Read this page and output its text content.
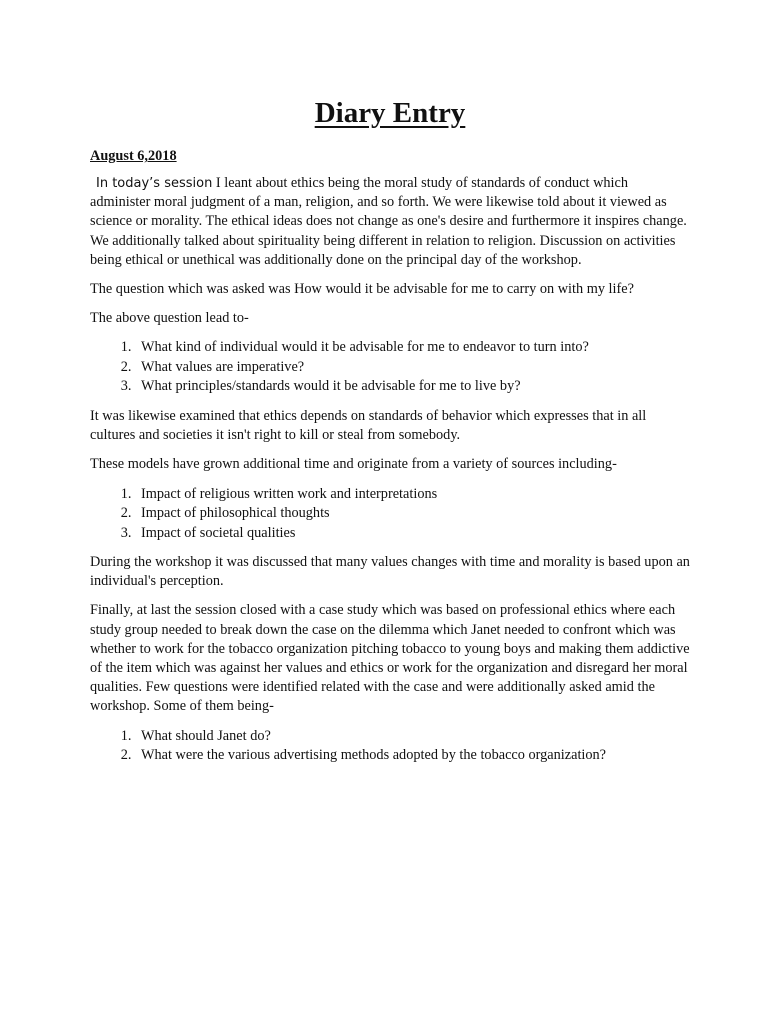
Diary Entry
August 6,2018

In today’s session I leant about ethics being the moral study of standards of conduct which administer moral judgment of a man, religion, and so forth. We were likewise told about it viewed as science or morality. The ethical ideas does not change as one's desire and furthermore it inspires change. We additionally talked about spirituality being different in relation to religion. Discussion on activities being ethical or unethical was additionally done on the principal day of the workshop.

The question which was asked was How would it be advisable for me to carry on with my life?

The above question lead to-

1. What kind of individual would it be advisable for me to endeavor to turn into?
2. What values are imperative?
3. What principles/standards would it be advisable for me to live by?

It was likewise examined that ethics depends on standards of behavior which expresses that in all cultures and societies it isn't right to kill or steal from somebody.

These models have grown additional time and originate from a variety of sources including-

1. Impact of religious written work and interpretations
2. Impact of philosophical thoughts
3. Impact of societal qualities

During the workshop it was discussed that many values changes with time and morality is based upon an individual's perception.

Finally, at last the session closed with a case study which was based on professional ethics where each study group needed to break down the case on the dilemma which Janet needed to confront which was whether to work for the tobacco organization pitching tobacco to young boys and making them addictive of the item which was against her values and ethics or work for the organization and disregard her moral qualities. Few questions were identified related with the case and were additionally asked amid the workshop. Some of them being-

1. What should Janet do?
2. What were the various advertising methods adopted by the tobacco organization?
